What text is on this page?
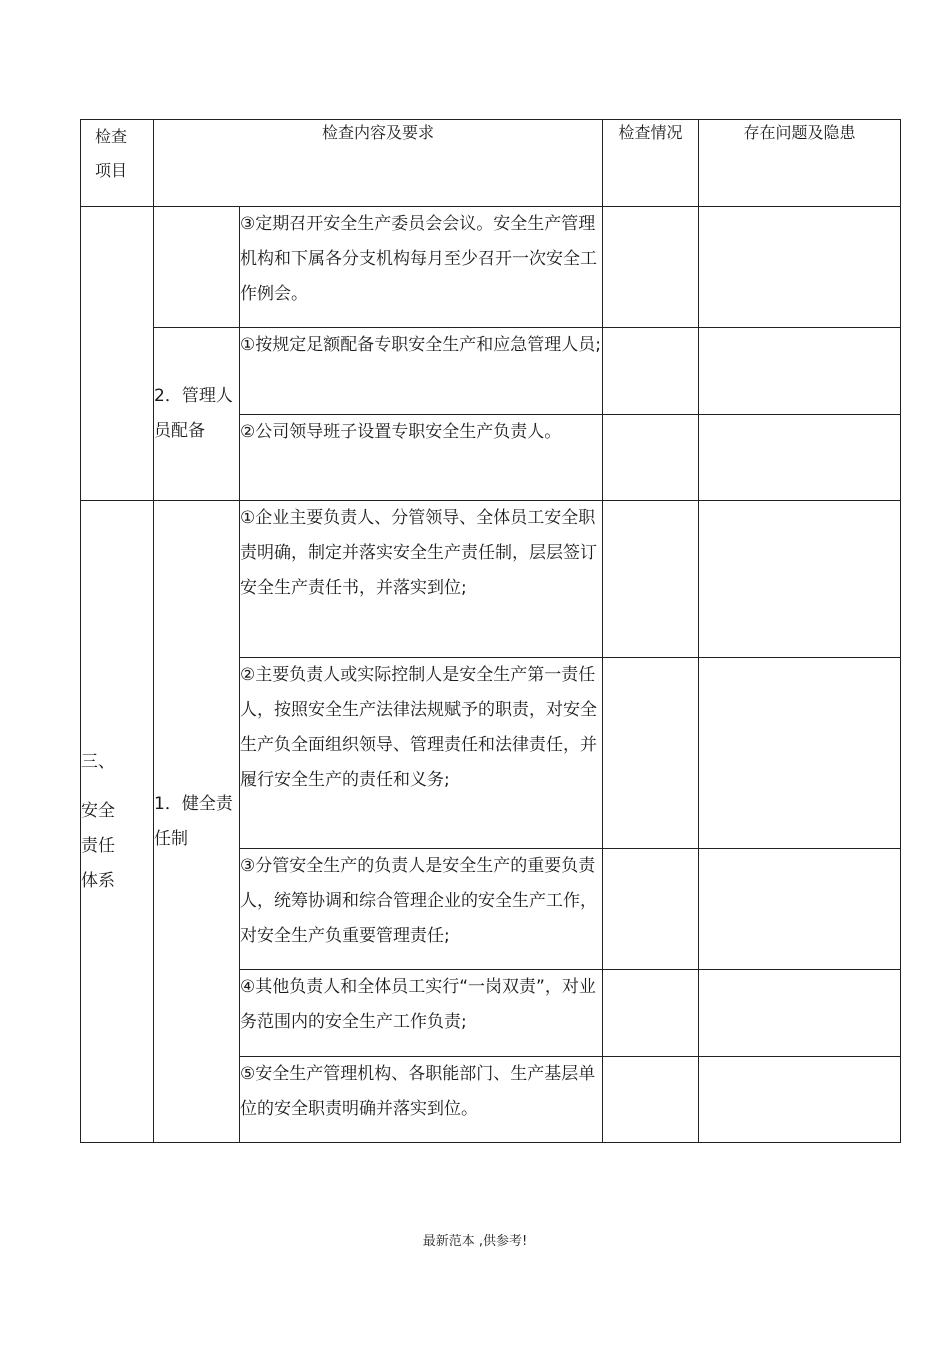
检查
项目	检查内容及要求		检查情况	存在问题及隐患
		③定期召开安全生产委员会会议。安全生产管理机构和下属各分支机构每月至少召开一次安全工作例会。		
	2．管理人员配备	①按规定足额配备专职安全生产和应急管理人员;		
		②公司领导班子设置专职安全生产负责人。		

三、
安全责任体系	1．健全责任制	①企业主要负责人、分管领导、全体员工安全职责明确，制定并落实安全生产责任制，层层签订安全生产责任书，并落实到位;		
		②主要负责人或实际控制人是安全生产第一责任人，按照安全生产法律法规赋予的职责，对安全生产负全面组织领导、管理责任和法律责任，并履行安全生产的责任和义务;		
		③分管安全生产的负责人是安全生产的重要负责人，统筹协调和综合管理企业的安全生产工作，对安全生产负重要管理责任;		
		④其他负责人和全体员工实行“一岗双责”，对业务范围内的安全生产工作负责;		
		⑤安全生产管理机构、各职能部门、生产基层单位的安全职责明确并落实到位。		
最新范本 ,供参考!
